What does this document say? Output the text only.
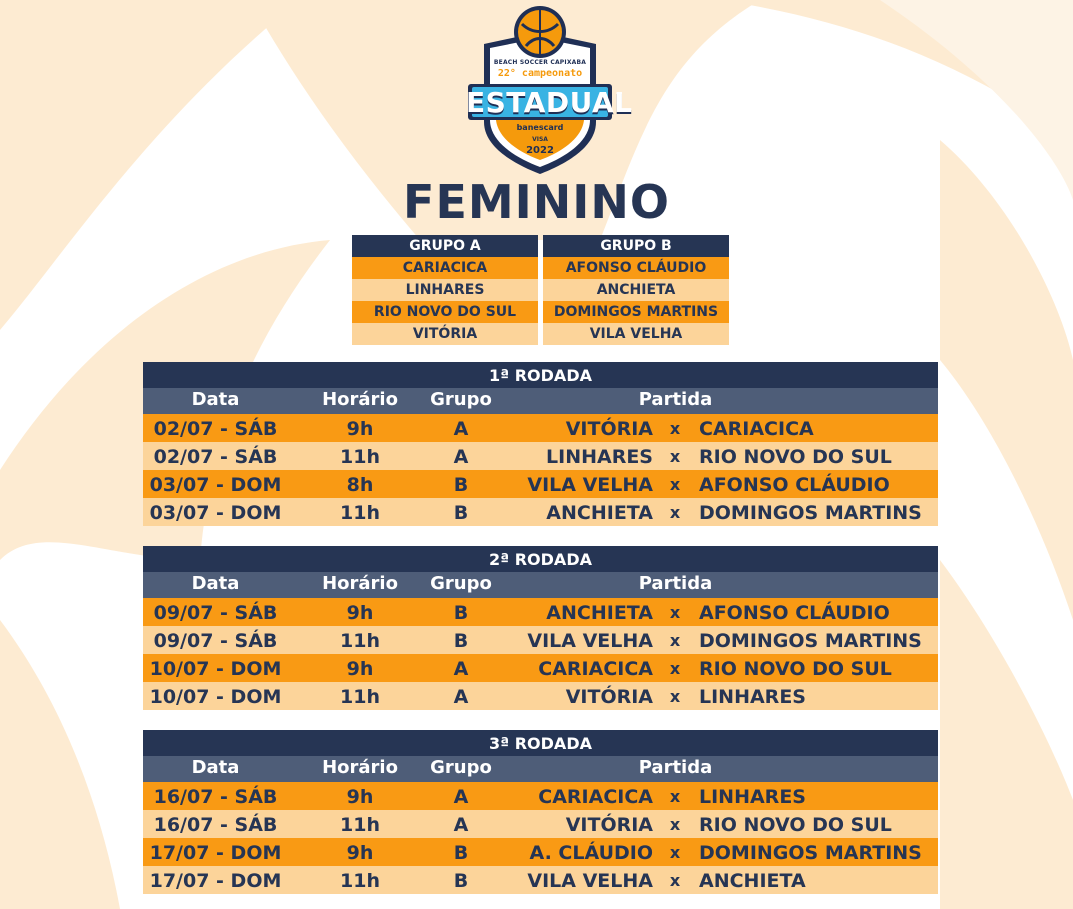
BEACH SOCCER CAPIXABA
22° campeonato
ESTADUAL
banescard
VISA
2022
FEMININO
GRUPO A
CARIACICA
LINHARES
RIO NOVO DO SUL
VITÓRIA
GRUPO B
AFONSO CLÁUDIO
ANCHIETA
DOMINGOS MARTINS
VILA VELHA
1ª RODADA
Data	Horário	Grupo	Partida
02/07 - SÁB	9h	A	VITÓRIA	x CARIACICA
02/07 - SÁB	11h	A	LINHARES	x RIO NOVO DO SUL
03/07 - DOM	8h	B	VILA VELHA	x AFONSO CLÁUDIO
03/07 - DOM	11h	B	ANCHIETA	x DOMINGOS MARTINS
2ª RODADA
Data	Horário	Grupo	Partida
09/07 - SÁB	9h	B	ANCHIETA	x AFONSO CLÁUDIO
09/07 - SÁB	11h	B	VILA VELHA	x DOMINGOS MARTINS
10/07 - DOM	9h	A	CARIACICA	x RIO NOVO DO SUL
10/07 - DOM	11h	A	VITÓRIA	x LINHARES
3ª RODADA
Data	Horário	Grupo	Partida
16/07 - SÁB	9h	A	CARIACICA	x LINHARES
16/07 - SÁB	11h	A	VITÓRIA	x RIO NOVO DO SUL
17/07 - DOM	9h	B	A. CLÁUDIO	x DOMINGOS MARTINS
17/07 - DOM	11h	B	VILA VELHA	x ANCHIETA
